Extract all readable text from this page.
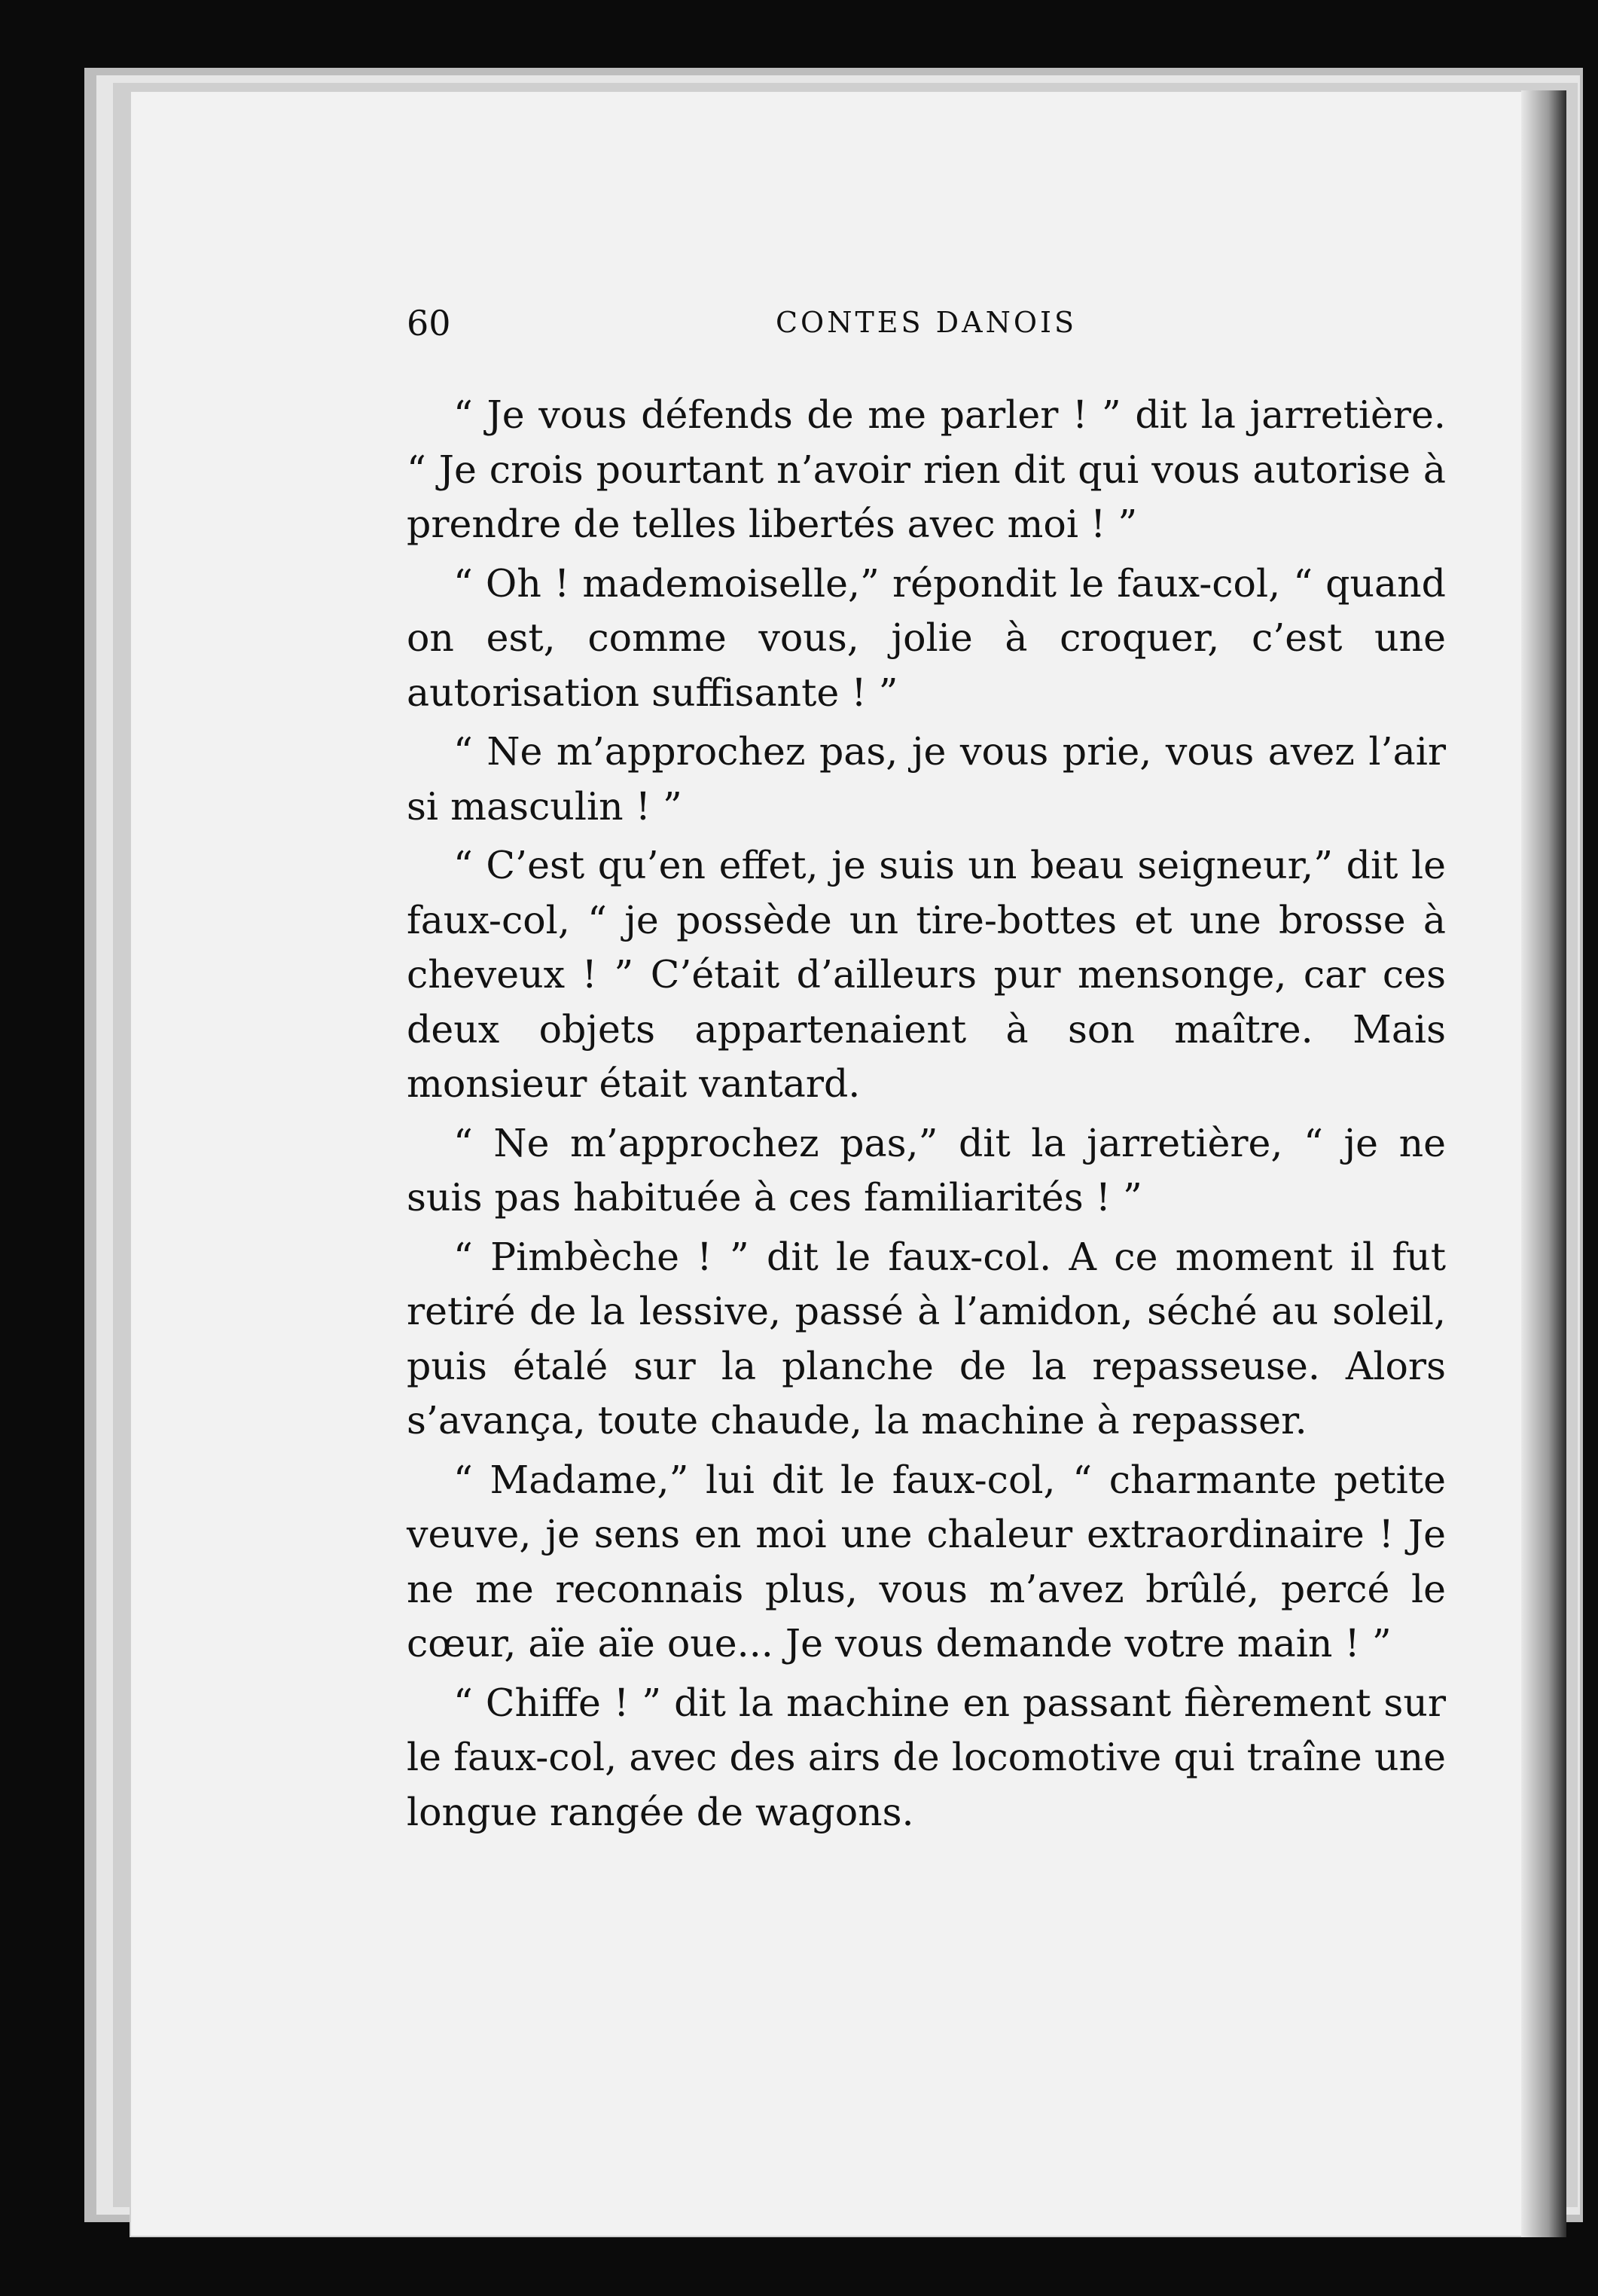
60	CONTES DANOIS

“ Je vous défends de me parler ! ” dit la jarretière. “ Je crois pourtant n’avoir rien dit qui vous autorise à prendre de telles libertés avec moi ! ”

“ Oh ! mademoiselle,” répondit le faux-col, “ quand on est, comme vous, jolie à croquer, c’est une autorisation suffisante ! ”

“ Ne m’approchez pas, je vous prie, vous avez l’air si masculin ! ”

“ C’est qu’en effet, je suis un beau seigneur,” dit le faux-col, “ je possède un tire-bottes et une brosse à cheveux ! ” C’était d’ailleurs pur mensonge, car ces deux objets appartenaient à son maître. Mais monsieur était vantard.

“ Ne m’approchez pas,” dit la jarretière, “ je ne suis pas habituée à ces familiarités ! ”

“ Pimbèche ! ” dit le faux-col. A ce moment il fut retiré de la lessive, passé à l’amidon, séché au soleil, puis étalé sur la planche de la repasseuse. Alors s’avança, toute chaude, la machine à repasser.

“ Madame,” lui dit le faux-col, “ charmante petite veuve, je sens en moi une chaleur extraordinaire ! Je ne me reconnais plus, vous m’avez brûlé, percé le cœur, aïe aïe oue... Je vous demande votre main ! ”

“ Chiffe ! ” dit la machine en passant fièrement sur le faux-col, avec des airs de locomotive qui traîne une longue rangée de wagons.
